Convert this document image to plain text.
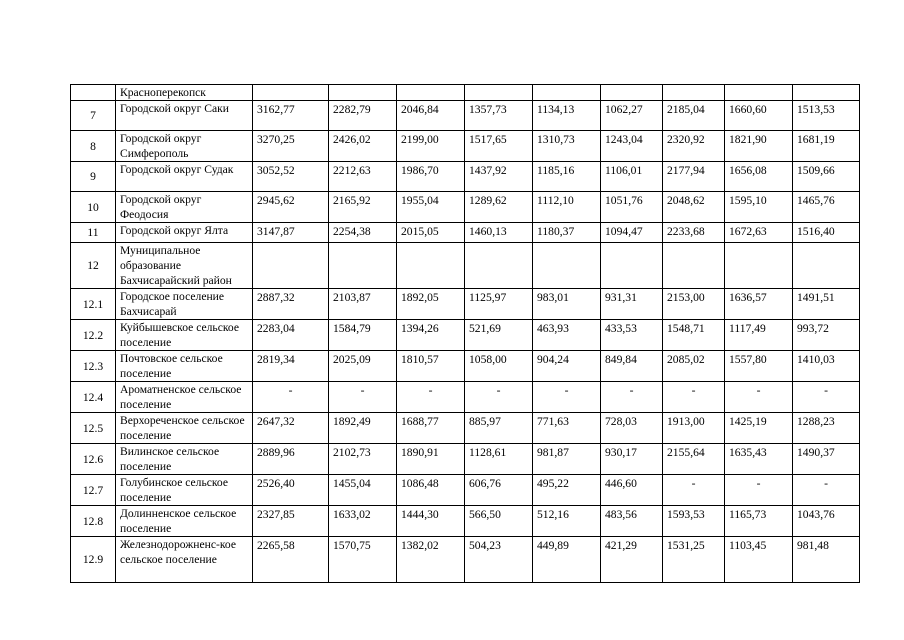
	Красноперекопск									
7	Городской округ Саки	3162,77	2282,79	2046,84	1357,73	1134,13	1062,27	2185,04	1660,60	1513,53
8	Городской округ Симферополь	3270,25	2426,02	2199,00	1517,65	1310,73	1243,04	2320,92	1821,90	1681,19
9	Городской округ Судак	3052,52	2212,63	1986,70	1437,92	1185,16	1106,01	2177,94	1656,08	1509,66
10	Городской округ Феодосия	2945,62	2165,92	1955,04	1289,62	1112,10	1051,76	2048,62	1595,10	1465,76
11	Городской округ Ялта	3147,87	2254,38	2015,05	1460,13	1180,37	1094,47	2233,68	1672,63	1516,40
12	Муниципальное образование Бахчисарайский район									
12.1	Городское поселение Бахчисарай	2887,32	2103,87	1892,05	1125,97	983,01	931,31	2153,00	1636,57	1491,51
12.2	Куйбышевское сельское поселение	2283,04	1584,79	1394,26	521,69	463,93	433,53	1548,71	1117,49	993,72
12.3	Почтовское сельское поселение	2819,34	2025,09	1810,57	1058,00	904,24	849,84	2085,02	1557,80	1410,03
12.4	Ароматненское сельское поселение	-	-	-	-	-	-	-	-	-
12.5	Верхореченское сельское поселение	2647,32	1892,49	1688,77	885,97	771,63	728,03	1913,00	1425,19	1288,23
12.6	Вилинское сельское поселение	2889,96	2102,73	1890,91	1128,61	981,87	930,17	2155,64	1635,43	1490,37
12.7	Голубинское сельское поселение	2526,40	1455,04	1086,48	606,76	495,22	446,60	-	-	-
12.8	Долинненское сельское поселение	2327,85	1633,02	1444,30	566,50	512,16	483,56	1593,53	1165,73	1043,76
12.9	Железнодорожненс-кое сельское поселение	2265,58	1570,75	1382,02	504,23	449,89	421,29	1531,25	1103,45	981,48
